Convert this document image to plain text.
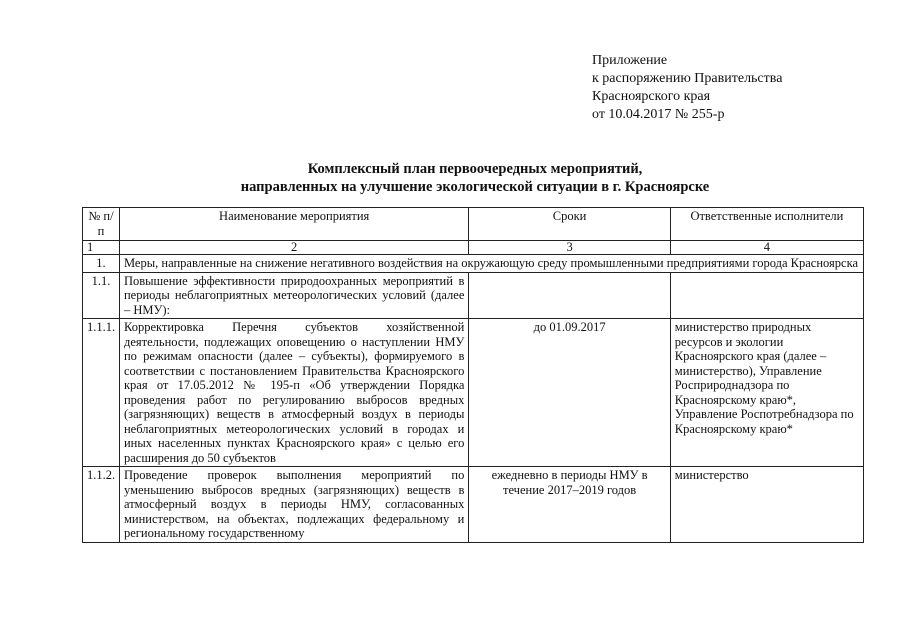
Приложение
к распоряжению Правительства
Красноярского края
от 10.04.2017 № 255-р
Комплексный план первоочередных мероприятий,
направленных на улучшение экологической ситуации в г. Красноярске
№ п/п	Наименование мероприятия	Сроки	Ответственные исполнители
1	2	3	4
1.	Меры, направленные на снижение негативного воздействия на окружающую среду промышленными предприятиями города Красноярска		
1.1.	Повышение эффективности природоохранных мероприятий в периоды неблагоприятных метеорологических условий (далее – НМУ):		
1.1.1.	Корректировка Перечня субъектов хозяйственной деятельности, подлежащих оповещению о наступлении НМУ по режимам опасности (далее – субъекты), формируемого в соответствии с постановлением Правительства Красноярского края от 17.05.2012 № 195-п «Об утверждении Порядка проведения работ по регулированию выбросов вредных (загрязняющих) веществ в атмосферный воздух в периоды неблагоприятных метеорологических условий в городах и иных населенных пунктах Красноярского края» с целью его расширения до 50 субъектов	до 01.09.2017	министерство природных ресурсов и экологии Красноярского края (далее – министерство), Управление Росприроднадзора по Красноярскому краю*, Управление Роспотребнадзора по Красноярскому краю*
1.1.2.	Проведение проверок выполнения мероприятий по уменьшению выбросов вредных (загрязняющих) веществ в атмосферный воздух в периоды НМУ, согласованных министерством, на объектах, подлежащих федеральному и региональному государственному	ежедневно в периоды НМУ в течение 2017–2019 годов	министерство
